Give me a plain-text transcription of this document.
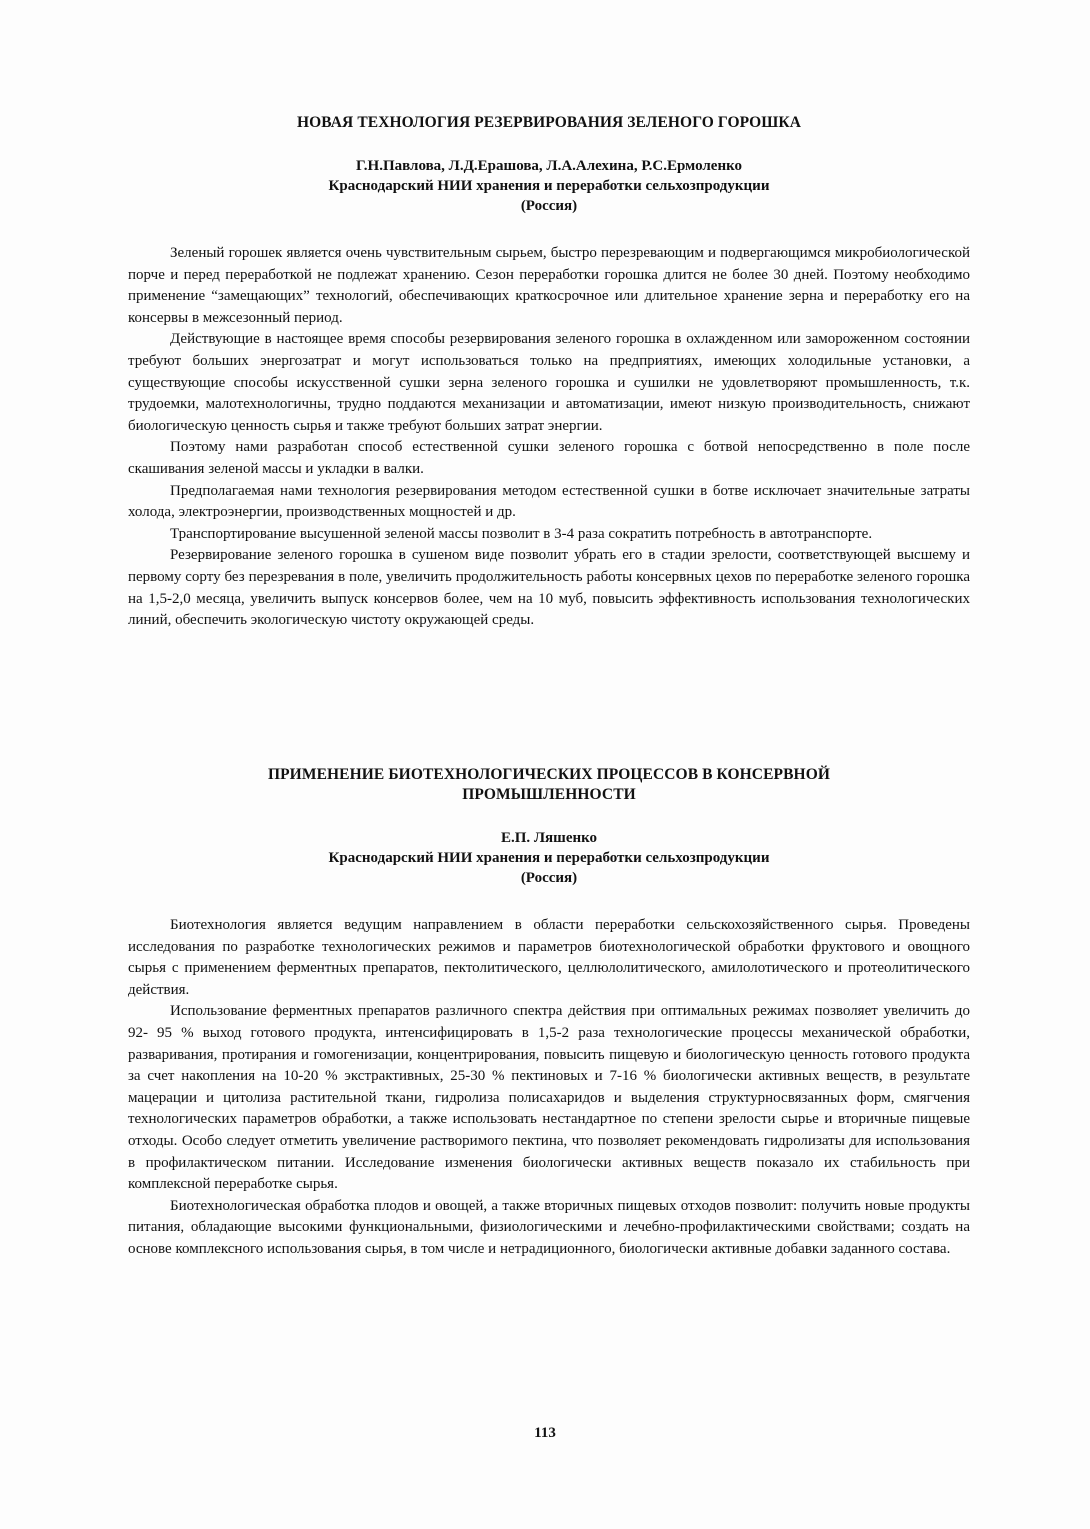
НОВАЯ ТЕХНОЛОГИЯ РЕЗЕРВИРОВАНИЯ ЗЕЛЕНОГО ГОРОШКА

Г.Н.Павлова, Л.Д.Ерашова, Л.А.Алехина, Р.С.Ермоленко

Краснодарский НИИ хранения и переработки сельхозпродукции

(Россия)

Зеленый горошек является очень чувствительным сырьем, быстро перезревающим и подвергающимся микробиологической порче и перед переработкой не подлежат хранению. Сезон переработки горошка длится не более 30 дней. Поэтому необходимо применение “замещающих” технологий, обеспечивающих краткосрочное или длительное хранение зерна и переработку его на консервы в межсезонный период.

Действующие в настоящее время способы резервирования зеленого горошка в охлажденном или замороженном состоянии требуют больших энергозатрат и могут использоваться только на предприятиях, имеющих холодильные установки, а существующие способы искусственной сушки зерна зеленого горошка и сушилки не удовлетворяют промышленность, т.к. трудоемки, малотехнологичны, трудно поддаются механизации и автоматизации, имеют низкую производительность, снижают биологическую ценность сырья и также требуют больших затрат энергии.

Поэтому нами разработан способ естественной сушки зеленого горошка с ботвой непосредственно в поле после скашивания зеленой массы и укладки в валки.

Предполагаемая нами технология резервирования методом естественной сушки в ботве исключает значительные затраты холода, электроэнергии, производственных мощностей и др.

Транспортирование высушенной зеленой массы позволит в 3-4 раза сократить потребность в автотранспорте.

Резервирование зеленого горошка в сушеном виде позволит убрать его в стадии зрелости, соответствующей высшему и первому сорту без перезревания в поле, увеличить продолжительность работы консервных цехов по переработке зеленого горошка на 1,5-2,0 месяца, увеличить выпуск консервов более, чем на 10 муб, повысить эффективность использования технологических линий, обеспечить экологическую чистоту окружающей среды.

ПРИМЕНЕНИЕ БИОТЕХНОЛОГИЧЕСКИХ ПРОЦЕССОВ В КОНСЕРВНОЙ
ПРОМЫШЛЕННОСТИ

Е.П. Ляшенко

Краснодарский НИИ хранения и переработки сельхозпродукции

(Россия)

Биотехнология является ведущим направлением в области переработки сельскохозяйственного сырья. Проведены исследования по разработке технологических режимов и параметров биотехнологической обработки фруктового и овощного сырья с применением ферментных препаратов, пектолитического, целлюлолитического, амилолотического и протеолитического действия.

Использование ферментных препаратов различного спектра действия при оптимальных режимах позволяет увеличить до 92- 95 % выход готового продукта, интенсифицировать в 1,5-2 раза технологические процессы механической обработки, разваривания, протирания и гомогенизации, концентрирования, повысить пищевую и биологическую ценность готового продукта за счет накопления на 10-20 % экстрактивных, 25-30 % пектиновых и 7-16 % биологически активных веществ, в результате мацерации и цитолиза растительной ткани, гидролиза полисахаридов и выделения структурносвязанных форм, смягчения технологических параметров обработки, а также использовать нестандартное по степени зрелости сырье и вторичные пищевые отходы. Особо следует отметить увеличение растворимого пектина, что позволяет рекомендовать гидролизаты для использования в профилактическом питании. Исследование изменения биологически активных веществ показало их стабильность при комплексной переработке сырья.

Биотехнологическая обработка плодов и овощей, а также вторичных пищевых отходов позволит: получить новые продукты питания, обладающие высокими функциональными, физиологическими и лечебно-профилактическими свойствами; создать на основе комплексного использования сырья, в том числе и нетрадиционного, биологически активные добавки заданного состава.

113
